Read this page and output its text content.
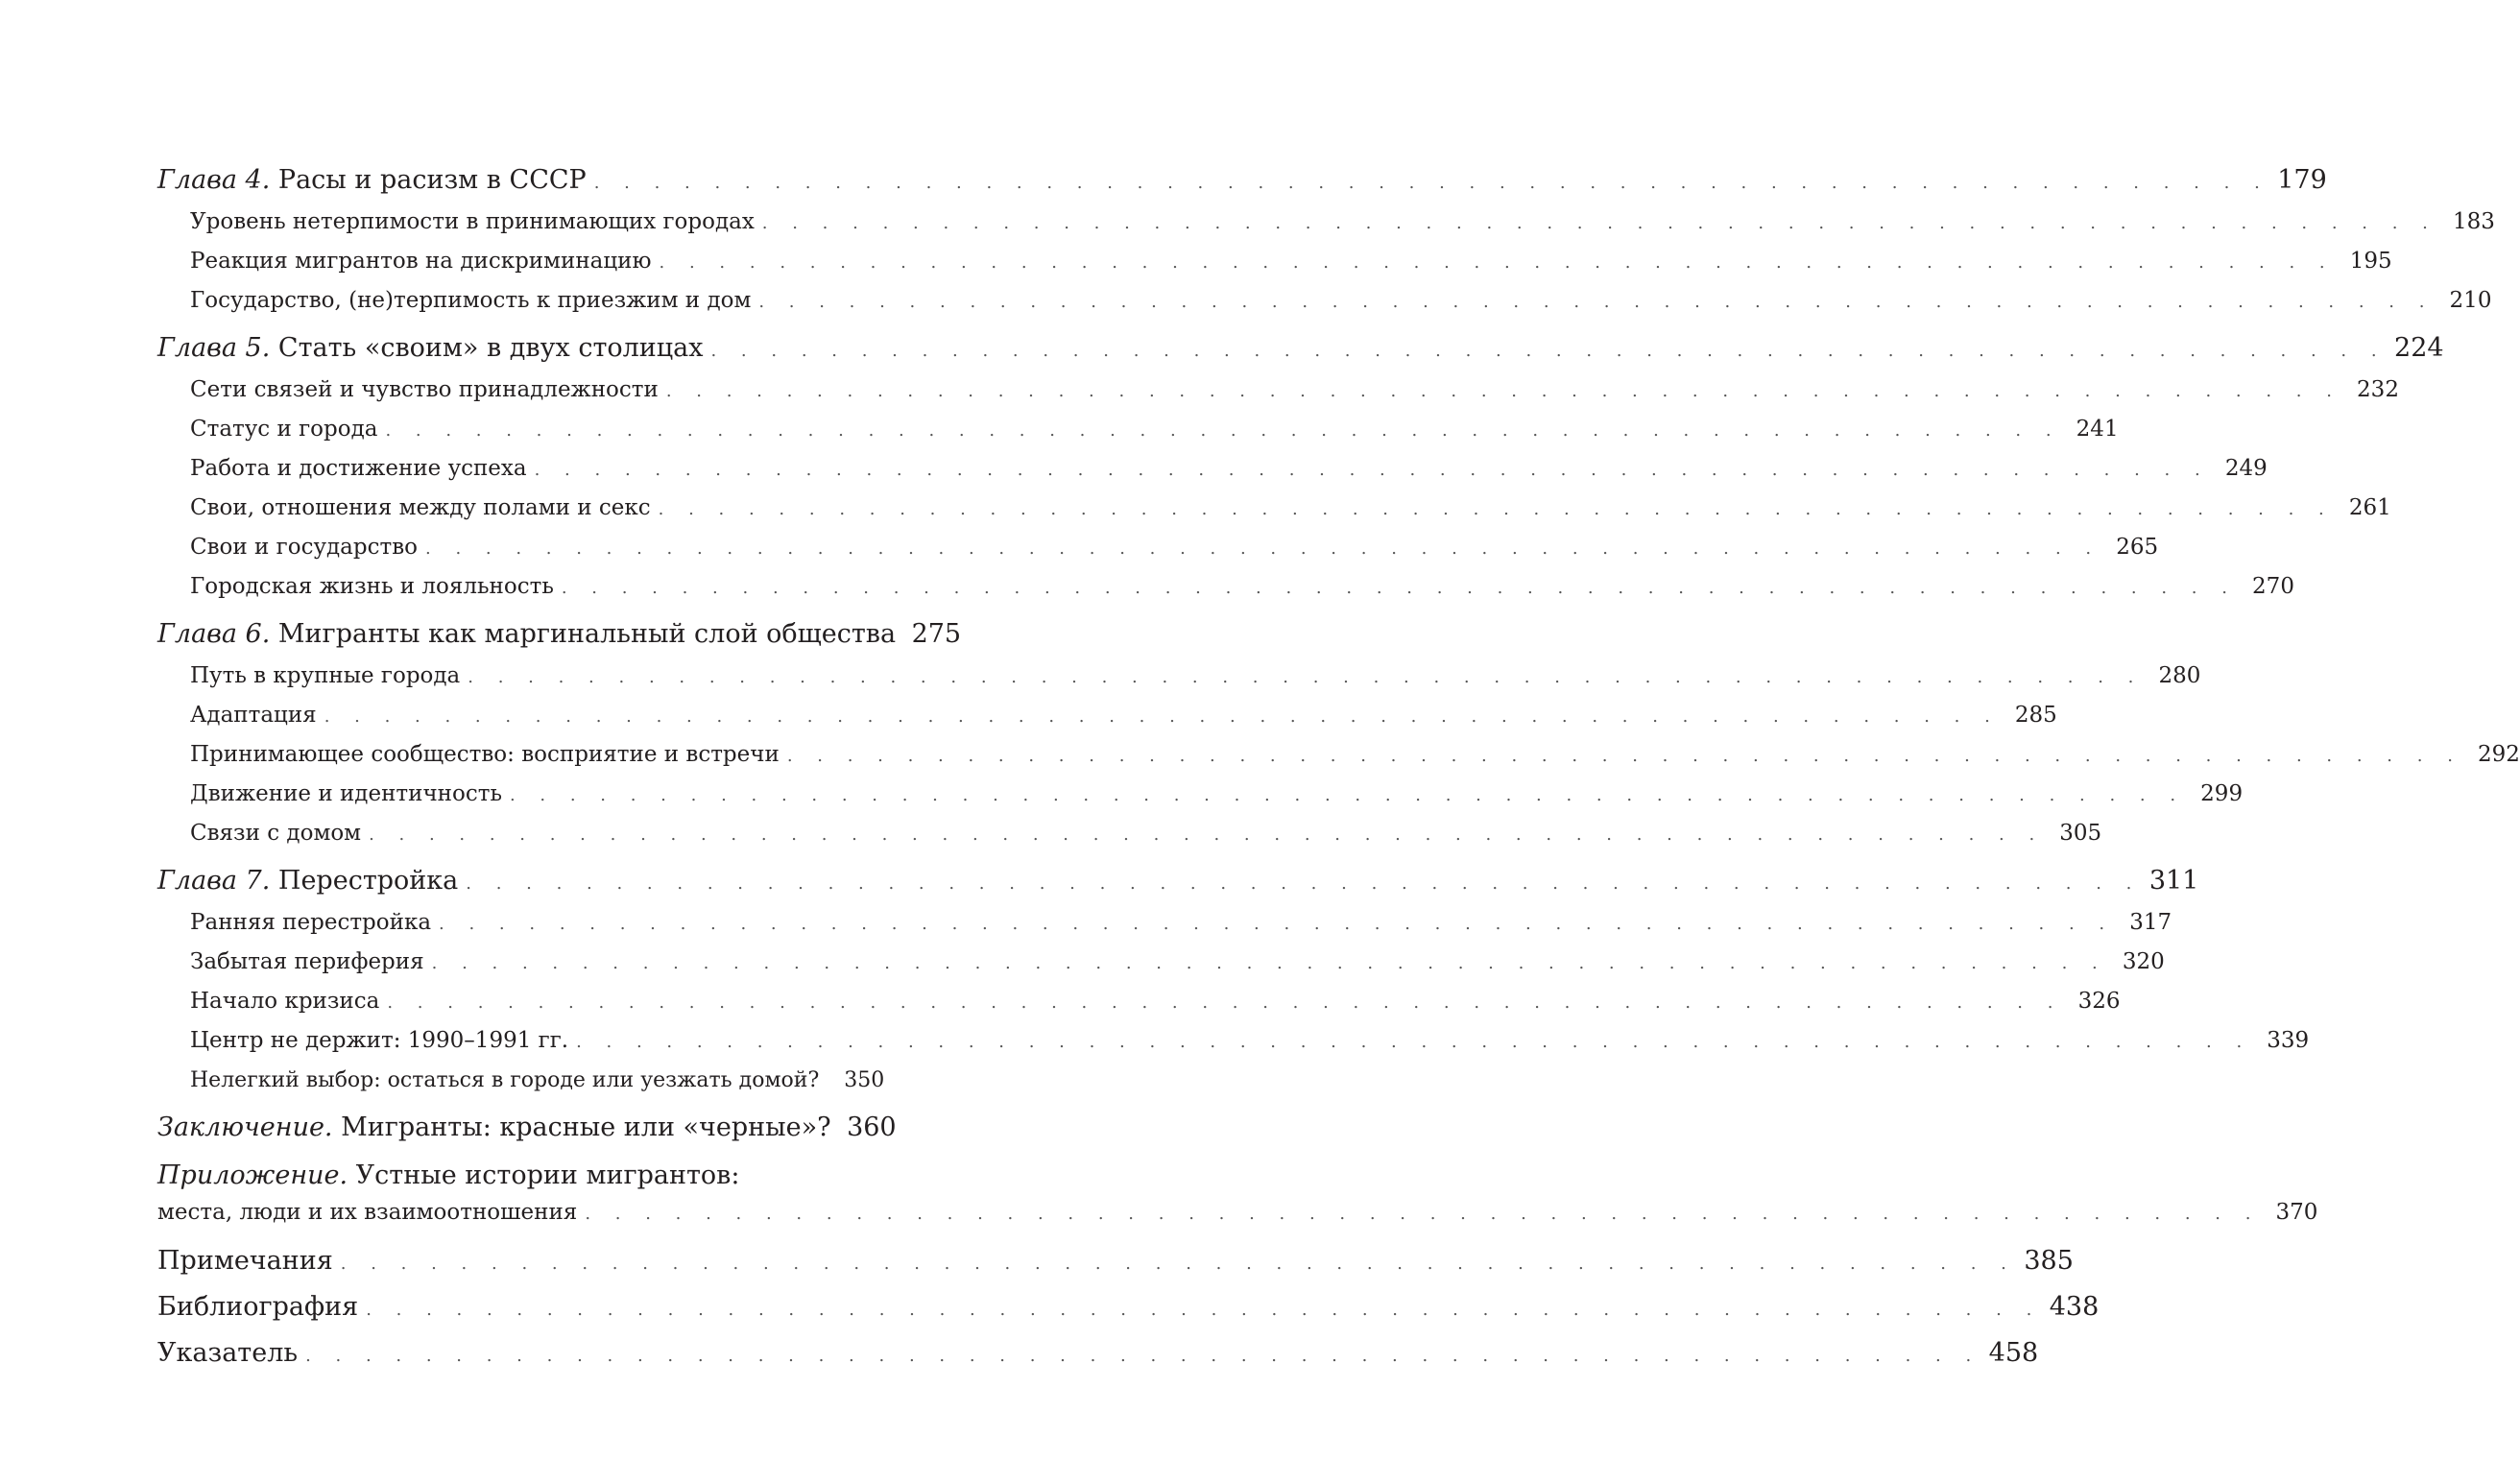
Глава 4. Расы и расизм в СССР . . . . . . . . . . . . . . . . . . . . . . . . . . . . . . . . . . . . . . . . . . . . . . . . . . . . . . . . 179
Уровень нетерпимости в принимающих городах . . . . . . . . . . . . . . . . . . . . . . . . . . . . . . . . . . . . . . . . . . . . . . . . . . . . . . . . 183
Реакция мигрантов на дискриминацию . . . . . . . . . . . . . . . . . . . . . . . . . . . . . . . . . . . . . . . . . . . . . . . . . . . . . . . . 195
Государство, (не)терпимость к приезжим и дом . . . . . . . . . . . . . . . . . . . . . . . . . . . . . . . . . . . . . . . . . . . . . . . . . . . . . . . . 210
Глава 5. Стать «своим» в двух столицах . . . . . . . . . . . . . . . . . . . . . . . . . . . . . . . . . . . . . . . . . . . . . . . . . . . . . . . . 224
Сети связей и чувство принадлежности . . . . . . . . . . . . . . . . . . . . . . . . . . . . . . . . . . . . . . . . . . . . . . . . . . . . . . . . 232
Статус и города . . . . . . . . . . . . . . . . . . . . . . . . . . . . . . . . . . . . . . . . . . . . . . . . . . . . . . . . 241
Работа и достижение успеха . . . . . . . . . . . . . . . . . . . . . . . . . . . . . . . . . . . . . . . . . . . . . . . . . . . . . . . . 249
Свои, отношения между полами и секс . . . . . . . . . . . . . . . . . . . . . . . . . . . . . . . . . . . . . . . . . . . . . . . . . . . . . . . . 261
Свои и государство . . . . . . . . . . . . . . . . . . . . . . . . . . . . . . . . . . . . . . . . . . . . . . . . . . . . . . . . 265
Городская жизнь и лояльность . . . . . . . . . . . . . . . . . . . . . . . . . . . . . . . . . . . . . . . . . . . . . . . . . . . . . . . . 270
Глава 6. Мигранты как маргинальный слой общества 275
Путь в крупные города . . . . . . . . . . . . . . . . . . . . . . . . . . . . . . . . . . . . . . . . . . . . . . . . . . . . . . . . 280
Адаптация . . . . . . . . . . . . . . . . . . . . . . . . . . . . . . . . . . . . . . . . . . . . . . . . . . . . . . . . 285
Принимающее сообщество: восприятие и встречи . . . . . . . . . . . . . . . . . . . . . . . . . . . . . . . . . . . . . . . . . . . . . . . . . . . . . . . . 292
Движение и идентичность . . . . . . . . . . . . . . . . . . . . . . . . . . . . . . . . . . . . . . . . . . . . . . . . . . . . . . . . 299
Связи с домом . . . . . . . . . . . . . . . . . . . . . . . . . . . . . . . . . . . . . . . . . . . . . . . . . . . . . . . . 305
Глава 7. Перестройка . . . . . . . . . . . . . . . . . . . . . . . . . . . . . . . . . . . . . . . . . . . . . . . . . . . . . . . . 311
Ранняя перестройка . . . . . . . . . . . . . . . . . . . . . . . . . . . . . . . . . . . . . . . . . . . . . . . . . . . . . . . . 317
Забытая периферия . . . . . . . . . . . . . . . . . . . . . . . . . . . . . . . . . . . . . . . . . . . . . . . . . . . . . . . . 320
Начало кризиса . . . . . . . . . . . . . . . . . . . . . . . . . . . . . . . . . . . . . . . . . . . . . . . . . . . . . . . . 326
Центр не держит: 1990–1991 гг. . . . . . . . . . . . . . . . . . . . . . . . . . . . . . . . . . . . . . . . . . . . . . . . . . . . . . . . . 339
Нелегкий выбор: остаться в городе или уезжать домой?	350
Заключение. Мигранты: красные или «черные»? 360
Приложение. Устные истории мигрантов:
места, люди и их взаимоотношения . . . . . . . . . . . . . . . . . . . . . . . . . . . . . . . . . . . . . . . . . . . . . . . . . . . . . . . . 370
Примечания . . . . . . . . . . . . . . . . . . . . . . . . . . . . . . . . . . . . . . . . . . . . . . . . . . . . . . . . 385
Библиография . . . . . . . . . . . . . . . . . . . . . . . . . . . . . . . . . . . . . . . . . . . . . . . . . . . . . . . . 438
Указатель . . . . . . . . . . . . . . . . . . . . . . . . . . . . . . . . . . . . . . . . . . . . . . . . . . . . . . . . 458
